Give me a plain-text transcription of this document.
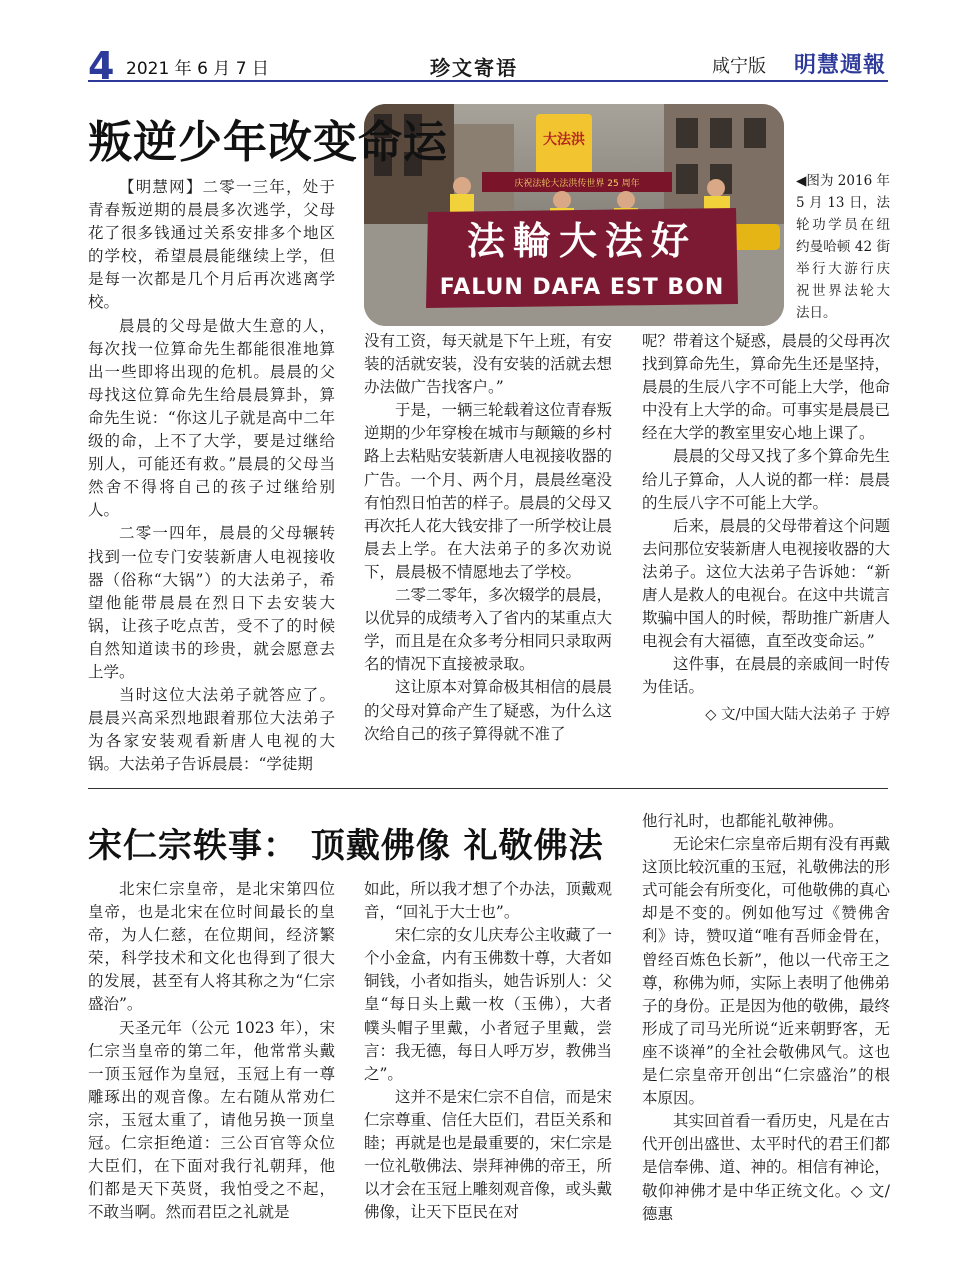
4 2021 年 6 月 7 日	珍文寄语	咸宁版 明慧週報
大法洪
庆祝法轮大法洪传世界 25 周年
法輪大法好
FALUN DAFA EST BON
叛逆少年改变命运
◀图为 2016 年 5 月 13 日，法轮功学员在纽约曼哈顿 42 街举行大游行庆祝世界法轮大法日。

【明慧网】二零一三年，处于青春叛逆期的晨晨多次逃学，父母花了很多钱通过关系安排多个地区的学校，希望晨晨能继续上学，但是每一次都是几个月后再次逃离学校。

晨晨的父母是做大生意的人，每次找一位算命先生都能很准地算出一些即将出现的危机。晨晨的父母找这位算命先生给晨晨算卦，算命先生说：“你这儿子就是高中二年级的命，上不了大学，要是过继给别人，可能还有救。”晨晨的父母当然舍不得将自己的孩子过继给别人。

二零一四年，晨晨的父母辗转找到一位专门安装新唐人电视接收器（俗称“大锅”）的大法弟子，希望他能带晨晨在烈日下去安装大锅，让孩子吃点苦，受不了的时候自然知道读书的珍贵，就会愿意去上学。

当时这位大法弟子就答应了。晨晨兴高采烈地跟着那位大法弟子为各家安装观看新唐人电视的大锅。大法弟子告诉晨晨：“学徒期

没有工资，每天就是下午上班，有安装的活就安装，没有安装的活就去想办法做广告找客户。”

于是，一辆三轮载着这位青春叛逆期的少年穿梭在城市与颠簸的乡村路上去粘贴安装新唐人电视接收器的广告。一个月、两个月，晨晨丝毫没有怕烈日怕苦的样子。晨晨的父母又再次托人花大钱安排了一所学校让晨晨去上学。在大法弟子的多次劝说下，晨晨极不情愿地去了学校。

二零二零年，多次辍学的晨晨，以优异的成绩考入了省内的某重点大学，而且是在众多考分相同只录取两名的情况下直接被录取。

这让原本对算命极其相信的晨晨的父母对算命产生了疑惑，为什么这次给自己的孩子算得就不准了

呢？带着这个疑惑，晨晨的父母再次找到算命先生，算命先生还是坚持，晨晨的生辰八字不可能上大学，他命中没有上大学的命。可事实是晨晨已经在大学的教室里安心地上课了。

晨晨的父母又找了多个算命先生给儿子算命，人人说的都一样：晨晨的生辰八字不可能上大学。

后来，晨晨的父母带着这个问题去问那位安装新唐人电视接收器的大法弟子。这位大法弟子告诉她：“新唐人是救人的电视台。在这中共谎言欺骗中国人的时候，帮助推广新唐人电视会有大福德，直至改变命运。”

这件事，在晨晨的亲戚间一时传为佳话。

◇ 文/中国大陆大法弟子 于婷

宋仁宗轶事： 顶戴佛像 礼敬佛法

北宋仁宗皇帝，是北宋第四位皇帝，也是北宋在位时间最长的皇帝，为人仁慈，在位期间，经济繁荣，科学技术和文化也得到了很大的发展，甚至有人将其称之为“仁宗盛治”。

天圣元年（公元 1023 年），宋仁宗当皇帝的第二年，他常常头戴一顶玉冠作为皇冠，玉冠上有一尊雕琢出的观音像。左右随从常劝仁宗，玉冠太重了，请他另换一顶皇冠。仁宗拒绝道：三公百官等众位大臣们，在下面对我行礼朝拜，他们都是天下英贤，我怕受之不起，不敢当啊。然而君臣之礼就是

如此，所以我才想了个办法，顶戴观音，“回礼于大士也”。

宋仁宗的女儿庆寿公主收藏了一个小金盒，内有玉佛数十尊，大者如铜钱，小者如指头，她告诉别人：父皇“每日头上戴一枚（玉佛），大者幞头帽子里戴，小者冠子里戴，尝言：我无德，每日人呼万岁，教佛当之”。

这并不是宋仁宗不自信，而是宋仁宗尊重、信任大臣们，君臣关系和睦；再就是也是最重要的，宋仁宗是一位礼敬佛法、崇拜神佛的帝王，所以才会在玉冠上雕刻观音像，或头戴佛像，让天下臣民在对

他行礼时，也都能礼敬神佛。

无论宋仁宗皇帝后期有没有再戴这顶比较沉重的玉冠，礼敬佛法的形式可能会有所变化，可他敬佛的真心却是不变的。例如他写过《赞佛舍利》诗，赞叹道“唯有吾师金骨在，曾经百炼色长新”，他以一代帝王之尊，称佛为师，实际上表明了他佛弟子的身份。正是因为他的敬佛，最终形成了司马光所说“近来朝野客，无座不谈禅”的全社会敬佛风气。这也是仁宗皇帝开创出“仁宗盛治”的根本原因。

其实回首看一看历史，凡是在古代开创出盛世、太平时代的君王们都是信奉佛、道、神的。相信有神论，敬仰神佛才是中华正统文化。◇ 文/德惠
